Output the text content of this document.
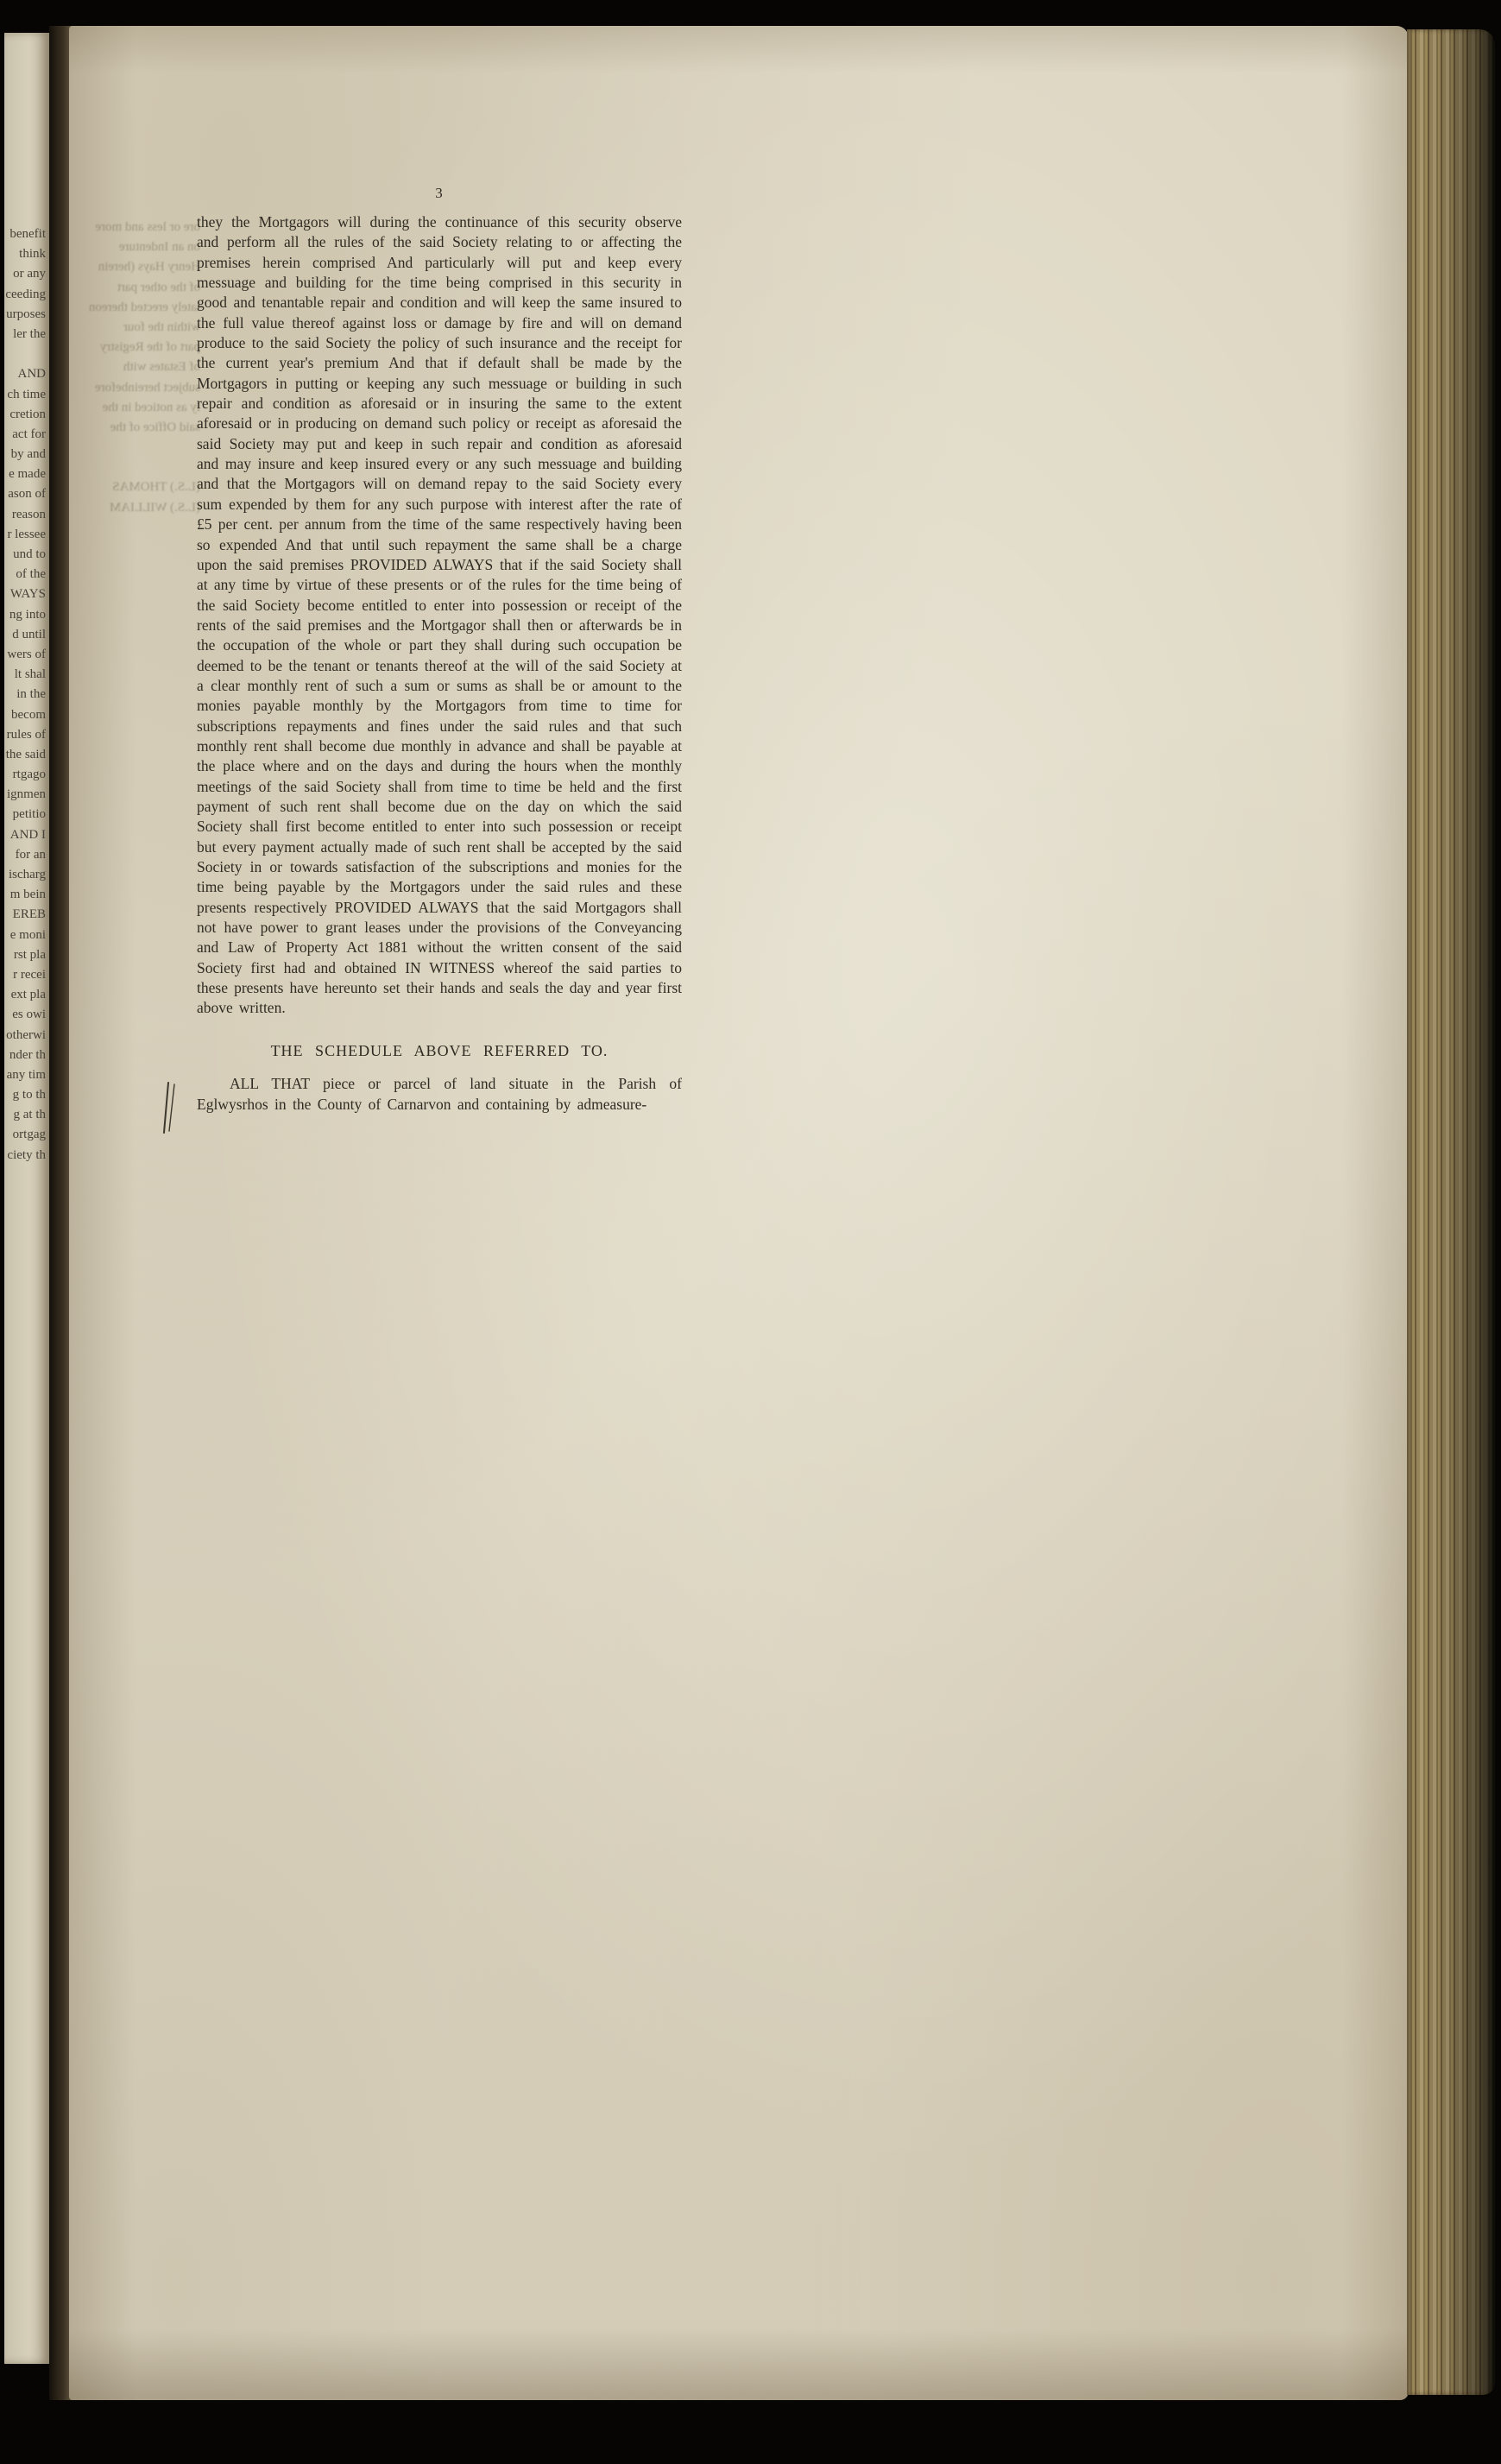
benefit
think
or any
ceeding
urposes
ler the
AND
ch time
cretion
act for
by and
e made
ason of
reason
r lessee
und to
of the
WAYS
ng into
d until
wers of
lt shal
in the
becom
rules of
the said
rtgago
ignmen
petitio
AND I
for an
ischarg
m bein
EREB
e moni
rst pla
r recei
ext pla
es owi
otherwi
nder th
any tim
g to th
g at th
ortgag
ciety th
ore or less and more
on an Indenture
Henry Hays (herein
of the other part
lately erected thereon
within the four
part of the Registry
of Estates with
subject hereinbefore
ly as noticed in the
said Office of the
(L.S.) THOMAS
(L.S.) WILLIAM
3
they the Mortgagors will during the continuance of this security observe and perform all the rules of the said Society relating to or affecting the premises herein comprised And particularly will put and keep every messuage and building for the time being comprised in this security in good and tenantable repair and condition and will keep the same insured to the full value thereof against loss or damage by fire and will on demand produce to the said Society the policy of such insurance and the receipt for the current year's premium And that if default shall be made by the Mortgagors in putting or keeping any such messuage or building in such repair and condition as aforesaid or in insuring the same to the extent aforesaid or in producing on demand such policy or receipt as aforesaid the said Society may put and keep in such repair and condition as aforesaid and may insure and keep insured every or any such messuage and building and that the Mortgagors will on demand repay to the said Society every sum expended by them for any such purpose with interest after the rate of £5 per cent. per annum from the time of the same respectively having been so expended And that until such repayment the same shall be a charge upon the said premises PROVIDED ALWAYS that if the said Society shall at any time by virtue of these presents or of the rules for the time being of the said Society become entitled to enter into possession or receipt of the rents of the said premises and the Mortgagor shall then or afterwards be in the occupation of the whole or part they shall during such occupation be deemed to be the tenant or tenants thereof at the will of the said Society at a clear monthly rent of such a sum or sums as shall be or amount to the monies payable monthly by the Mortgagors from time to time for subscriptions repayments and fines under the said rules and that such monthly rent shall become due monthly in advance and shall be payable at the place where and on the days and during the hours when the monthly meetings of the said Society shall from time to time be held and the first payment of such rent shall become due on the day on which the said Society shall first become entitled to enter into such possession or receipt but every payment actually made of such rent shall be accepted by the said Society in or towards satisfaction of the subscriptions and monies for the time being payable by the Mortgagors under the said rules and these presents respectively PROVIDED ALWAYS that the said Mortgagors shall not have power to grant leases under the provisions of the Conveyancing and Law of Property Act 1881 without the written consent of the said Society first had and obtained IN WITNESS whereof the said parties to these presents have hereunto set their hands and seals the day and year first above written.
THE SCHEDULE ABOVE REFERRED TO.
ALL THAT piece or parcel of land situate in the Parish of Eglwysrhos in the County of Carnarvon and containing by admeasure-
